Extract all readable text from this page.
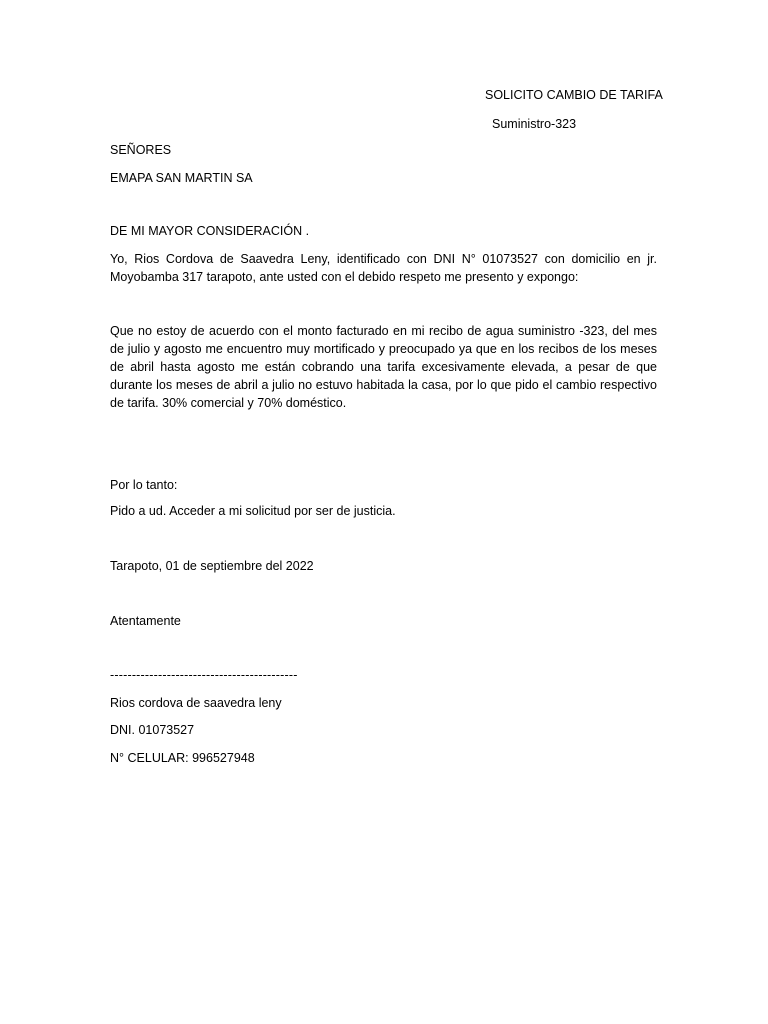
SOLICITO CAMBIO DE TARIFA

Suministro-323

SEÑORES

EMAPA SAN MARTIN SA

DE MI MAYOR CONSIDERACIÓN .

Yo, Rios Cordova de Saavedra Leny, identificado con DNI N° 01073527 con domicilio en jr. Moyobamba 317 tarapoto, ante usted con el debido respeto me presento y expongo:

Que no estoy de acuerdo con el monto facturado en mi recibo de agua suministro -323, del mes de julio y agosto me encuentro muy mortificado y preocupado ya que en los recibos de los meses de abril hasta agosto me están cobrando una tarifa excesivamente elevada, a pesar de que durante los meses de abril a julio no estuvo habitada la casa, por lo que pido el cambio respectivo de tarifa. 30% comercial y 70% doméstico.

Por lo tanto:

Pido a ud. Acceder a mi solicitud por ser de justicia.

Tarapoto, 01 de septiembre del 2022

Atentamente

-------------------------------------------

Rios cordova de saavedra leny

DNI. 01073527

N° CELULAR: 996527948
